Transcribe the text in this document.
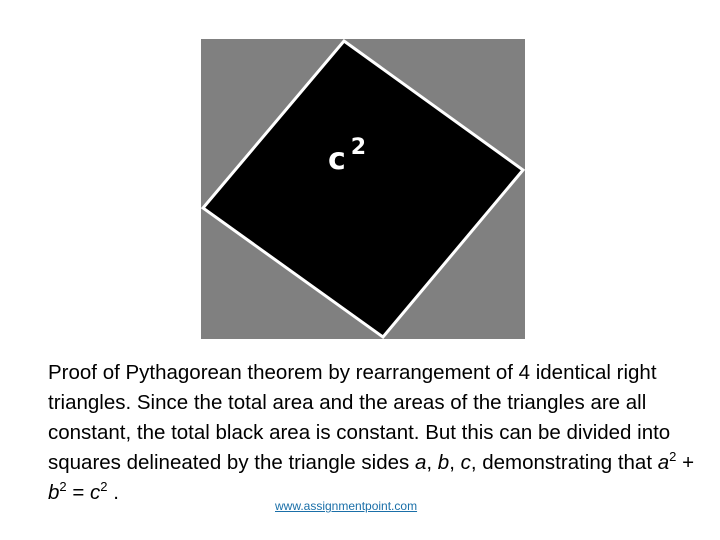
c $^2$

Proof of Pythagorean theorem by rearrangement of 4 identical right triangles. Since the total area and the areas of the triangles are all constant, the total black area is constant. But this can be divided into squares delineated by the triangle sides a, b, c, demonstrating that $a^2 + b^2 = c^2$ .

www.assignmentpoint.com
